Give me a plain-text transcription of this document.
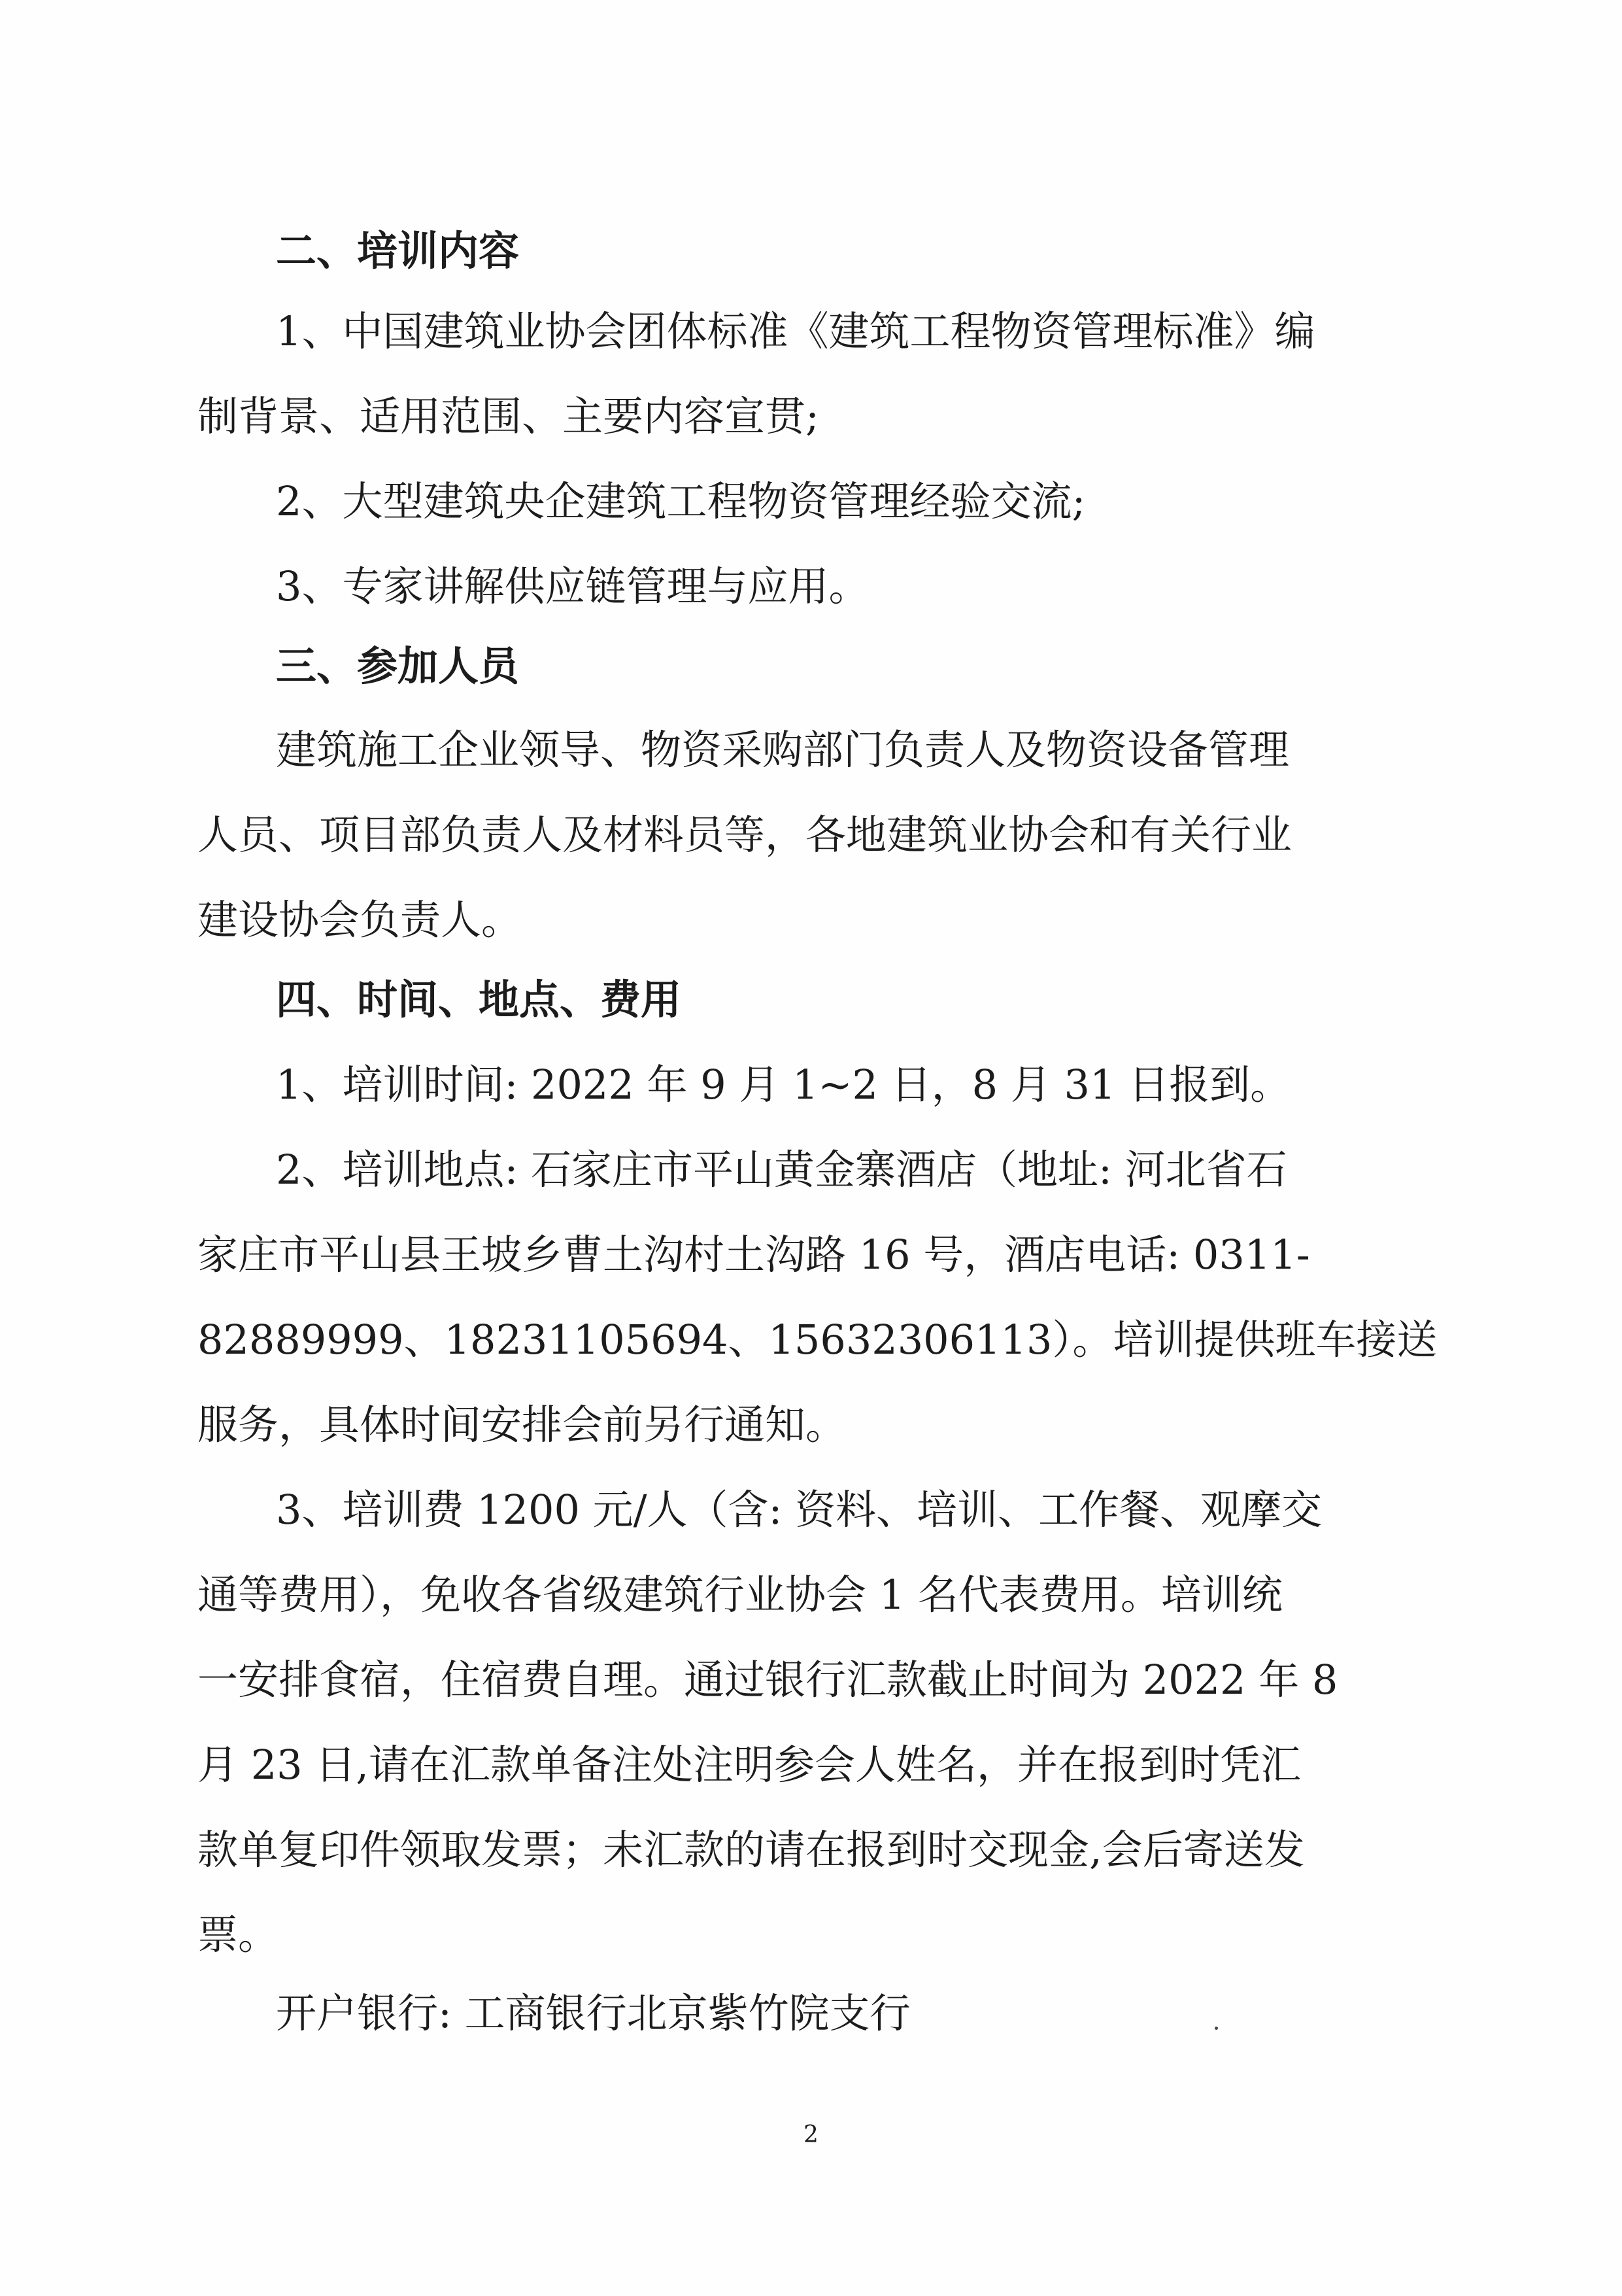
二、培训内容
1、中国建筑业协会团体标准《建筑工程物资管理标准》编
制背景、适用范围、主要内容宣贯;
2、大型建筑央企建筑工程物资管理经验交流;
3、专家讲解供应链管理与应用。
三、参加人员
建筑施工企业领导、物资采购部门负责人及物资设备管理
人员、项目部负责人及材料员等，各地建筑业协会和有关行业
建设协会负责人。
四、时间、地点、费用
1、培训时间: 2022 年 9 月 1~2 日，8 月 31 日报到。
2、培训地点: 石家庄市平山黄金寨酒店（地址: 河北省石
家庄市平山县王坡乡曹土沟村土沟路 16 号，酒店电话: 0311-
82889999、18231105694、15632306113）。培训提供班车接送
服务，具体时间安排会前另行通知。
3、培训费 1200 元/人（含: 资料、培训、工作餐、观摩交
通等费用），免收各省级建筑行业协会 1 名代表费用。培训统
一安排食宿，住宿费自理。通过银行汇款截止时间为 2022 年 8
月 23 日,请在汇款单备注处注明参会人姓名，并在报到时凭汇
款单复印件领取发票；未汇款的请在报到时交现金,会后寄送发
票。
开户银行: 工商银行北京紫竹院支行
2
